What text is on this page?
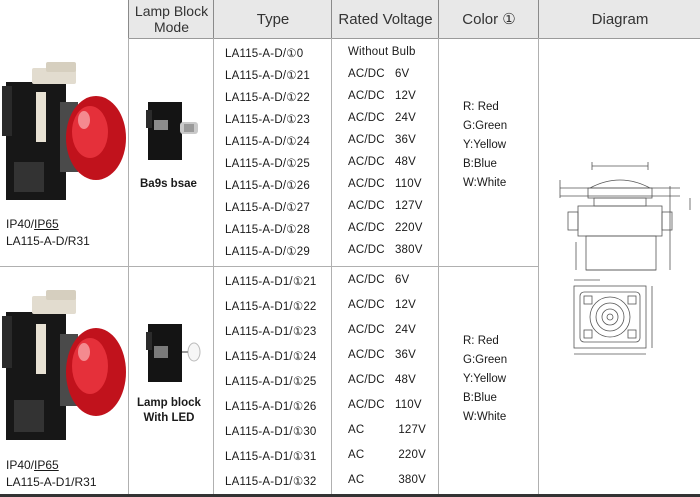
Lamp Block
Mode	Type	Rated Voltage	Color ①	Diagram
IP40/IP65
LA115-A-D/R31
Ba9s bsae
LA115-A-D/①0	Without Bulb
LA115-A-D/①21	AC/DC   6V
LA115-A-D/①22	AC/DC   12V
LA115-A-D/①23	AC/DC   24V
LA115-A-D/①24	AC/DC   36V
LA115-A-D/①25	AC/DC   48V
LA115-A-D/①26	AC/DC   110V
LA115-A-D/①27	AC/DC   127V
LA115-A-D/①28	AC/DC   220V
LA115-A-D/①29	AC/DC   380V
R: Red
G:Green
Y:Yellow
B:Blue
W:White
IP40/IP65
LA115-A-D1/R31
Lamp block
With LED
LA115-A-D1/①21	AC/DC   6V
LA115-A-D1/①22	AC/DC   12V
LA115-A-D1/①23	AC/DC   24V
LA115-A-D1/①24	AC/DC   36V
LA115-A-D1/①25	AC/DC   48V
LA115-A-D1/①26	AC/DC   110V
LA115-A-D1/①30	AC          127V
LA115-A-D1/①31	AC          220V
LA115-A-D1/①32	AC          380V
R: Red
G:Green
Y:Yellow
B:Blue
W:White
